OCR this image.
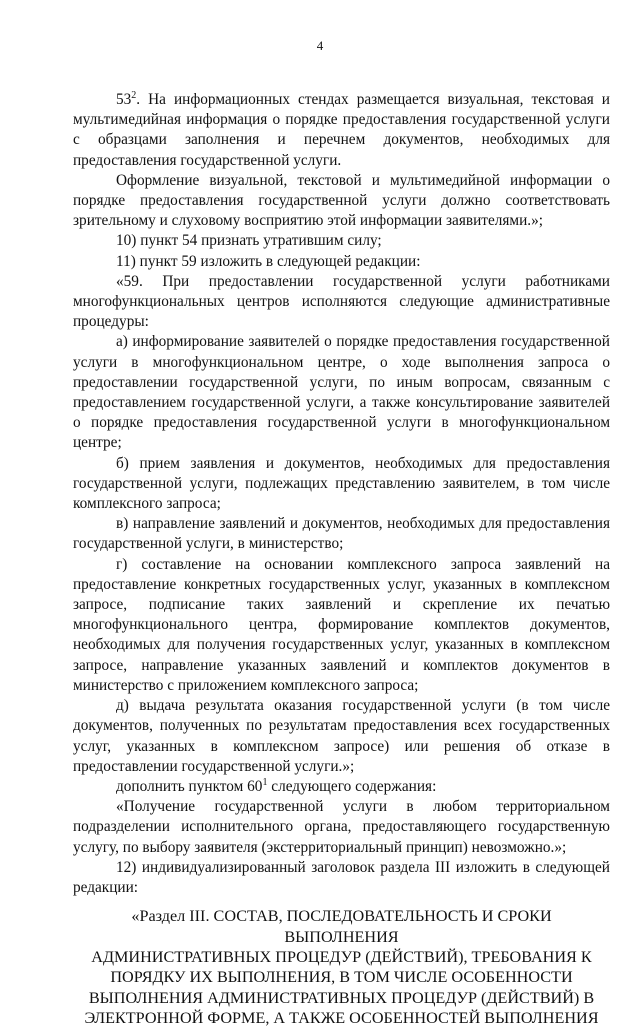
4

$53^2$. На информационных стендах размещается визуальная, текстовая и мультимедийная информация о порядке предоставления государственной услуги с образцами заполнения и перечнем документов, необходимых для предоставления государственной услуги.

Оформление визуальной, текстовой и мультимедийной информации о порядке предоставления государственной услуги должно соответствовать зрительному и слуховому восприятию этой информации заявителями.»;

10) пункт 54 признать утратившим силу;

11) пункт 59 изложить в следующей редакции:

«59. При предоставлении государственной услуги работниками многофункциональных центров исполняются следующие административные процедуры:

а) информирование заявителей о порядке предоставления государственной услуги в многофункциональном центре, о ходе выполнения запроса о предоставлении государственной услуги, по иным вопросам, связанным с предоставлением государственной услуги, а также консультирование заявителей о порядке предоставления государственной услуги в многофункциональном центре;

б) прием заявления и документов, необходимых для предоставления государственной услуги, подлежащих представлению заявителем, в том числе комплексного запроса;

в) направление заявлений и документов, необходимых для предоставления государственной услуги, в министерство;

г) составление на основании комплексного запроса заявлений на предоставление конкретных государственных услуг, указанных в комплексном запросе, подписание таких заявлений и скрепление их печатью многофункционального центра, формирование комплектов документов, необходимых для получения государственных услуг, указанных в комплексном запросе, направление указанных заявлений и комплектов документов в министерство с приложением комплексного запроса;

д) выдача результата оказания государственной услуги (в том числе документов, полученных по результатам предоставления всех государственных услуг, указанных в комплексном запросе) или решения об отказе в предоставлении государственной услуги.»;

дополнить пунктом $60^1$ следующего содержания:

«Получение государственной услуги в любом территориальном подразделении исполнительного органа, предоставляющего государственную услугу, по выбору заявителя (экстерриториальный принцип) невозможно.»;

12) индивидуализированный заголовок раздела III изложить в следующей редакции:

«Раздел III. СОСТАВ, ПОСЛЕДОВАТЕЛЬНОСТЬ И СРОКИ ВЫПОЛНЕНИЯ
АДМИНИСТРАТИВНЫХ ПРОЦЕДУР (ДЕЙСТВИЙ), ТРЕБОВАНИЯ К
ПОРЯДКУ ИХ ВЫПОЛНЕНИЯ, В ТОМ ЧИСЛЕ ОСОБЕННОСТИ
ВЫПОЛНЕНИЯ АДМИНИСТРАТИВНЫХ ПРОЦЕДУР (ДЕЙСТВИЙ) В
ЭЛЕКТРОННОЙ ФОРМЕ, А ТАКЖЕ ОСОБЕННОСТЕЙ ВЫПОЛНЕНИЯ
